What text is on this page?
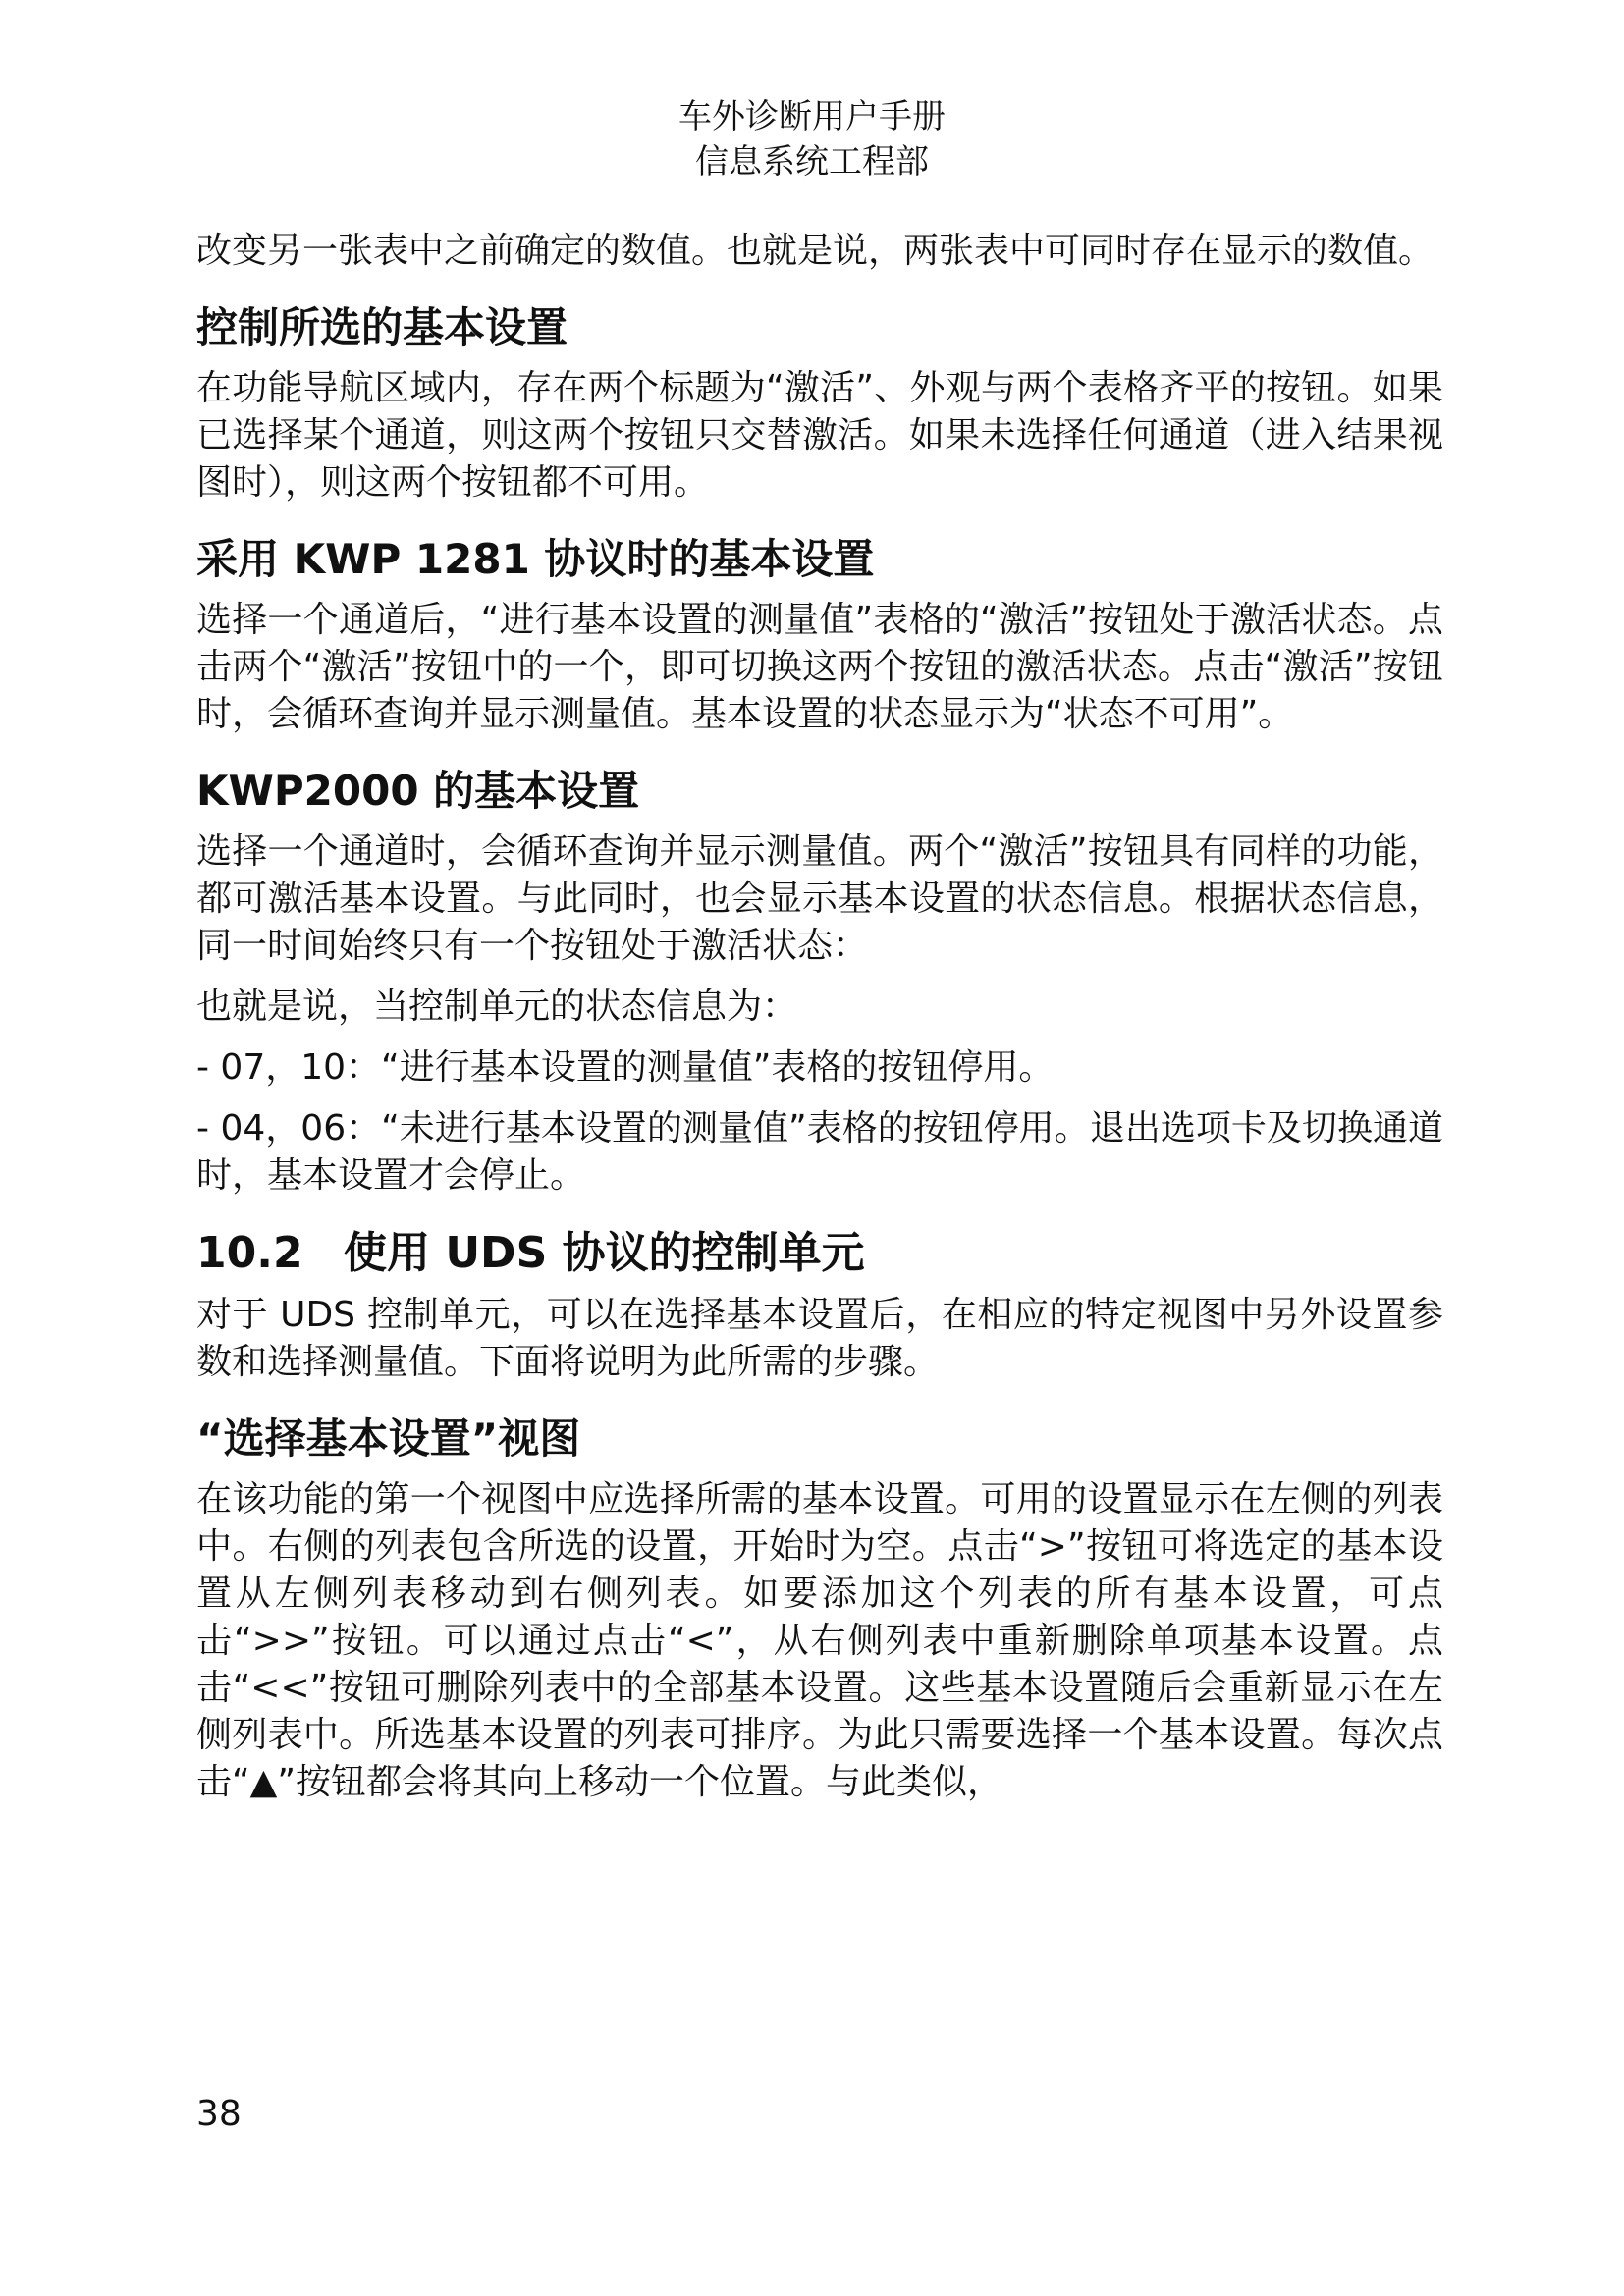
车外诊断用户手册
信息系统工程部

改变另一张表中之前确定的数值。也就是说，两张表中可同时存在显示的数值。

控制所选的基本设置

在功能导航区域内，存在两个标题为“激活”、外观与两个表格齐平的按钮。如果已选择某个通道，则这两个按钮只交替激活。如果未选择任何通道（进入结果视图时），则这两个按钮都不可用。

采用 KWP 1281 协议时的基本设置

选择一个通道后，“进行基本设置的测量值”表格的“激活”按钮处于激活状态。点击两个“激活”按钮中的一个，即可切换这两个按钮的激活状态。点击“激活”按钮时，会循环查询并显示测量值。基本设置的状态显示为“状态不可用”。

KWP2000 的基本设置

选择一个通道时，会循环查询并显示测量值。两个“激活”按钮具有同样的功能，都可激活基本设置。与此同时，也会显示基本设置的状态信息。根据状态信息，同一时间始终只有一个按钮处于激活状态：

也就是说，当控制单元的状态信息为：

- 07，10：“进行基本设置的测量值”表格的按钮停用。

- 04，06：“未进行基本设置的测量值”表格的按钮停用。退出选项卡及切换通道时，基本设置才会停止。

10.2 使用 UDS 协议的控制单元

对于 UDS 控制单元，可以在选择基本设置后，在相应的特定视图中另外设置参数和选择测量值。下面将说明为此所需的步骤。

“选择基本设置”视图

在该功能的第一个视图中应选择所需的基本设置。可用的设置显示在左侧的列表中。右侧的列表包含所选的设置，开始时为空。点击“>”按钮可将选定的基本设置从左侧列表移动到右侧列表。如要添加这个列表的所有基本设置，可点击“>>”按钮。可以通过点击“<”，从右侧列表中重新删除单项基本设置。点击“<<”按钮可删除列表中的全部基本设置。这些基本设置随后会重新显示在左侧列表中。所选基本设置的列表可排序。为此只需要选择一个基本设置。每次点击“▲”按钮都会将其向上移动一个位置。与此类似，

38
